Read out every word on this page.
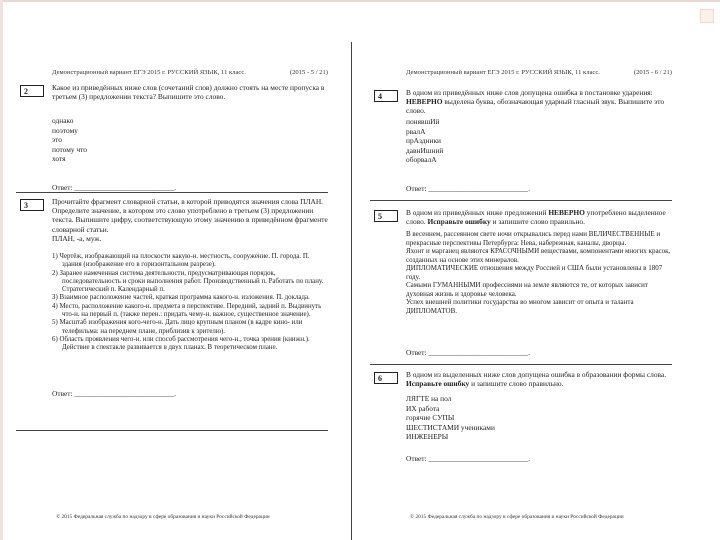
Демонстрационный вариант ЕГЭ 2015 г. РУССКИЙ ЯЗЫК, 11 класс.	(2015 - 5 / 21)
2	Какое из приведённых ниже слов (сочетаний слов) должно стоять на месте пропуска в третьем (3) предложении текста? Выпишите это слово.

однако
поэтому
это
потому что
хотя
Ответ: ___________________________.
3	Прочитайте фрагмент словарной статьи, в которой приводятся значения слова ПЛАН. Определите значение, в котором это слово употреблено в третьем (3) предложении текста. Выпишите цифру, соответствующую этому значению в приведённом фрагменте словарной статьи.

ПЛАН, -а, муж.

1) Чертёж, изображающий на плоскости какую-н. местность, сооружение. П. города. П. здания (изображение его в горизонтальном разрезе).
2) Заранее намеченная система деятельности, предусматривающая порядок, последовательность и сроки выполнения работ. Производственный п. Работать по плану. Стратегический п. Календарный п.
3) Взаимное расположение частей, краткая программа какого-н. изложения. П. доклада.
4) Место, расположение какого-н. предмета в перспективе. Передний, задний п. Выдвинуть что-н. на первый п. (также перен.: придать чему-н. важное, существенное значение).
5) Масштаб изображения кого-чего-н. Дать лицо крупным планом (в кадре кино- или телефильма: на переднем плане, приблизив к зрителю).
6) Область проявления чего-н. или способ рассмотрения чего-н., точка зрения (книжн.). Действие в спектакле развивается в двух планах. В теоретическом плане.
Ответ: ___________________________.
© 2015 Федеральная служба по надзору в сфере образования и науки Российской Федерации
Демонстрационный вариант ЕГЭ 2015 г. РУССКИЙ ЯЗЫК, 11 класс.	(2015 - 6 / 21)
4	В одном из приведённых ниже слов допущена ошибка в постановке ударения: НЕВЕРНО выделена буква, обозначающая ударный гласный звук. Выпишите это слово.

понявшИй
рвалА
прАздники
давнИшний
оборвалА
Ответ: ___________________________.
5	В одном из приведённых ниже предложений НЕВЕРНО употреблено выделенное слово. Исправьте ошибку и запишите слово правильно.

В весеннем, рассеянном свете ночи открывались перед нами ВЕЛИЧЕСТВЕННЫЕ и прекрасные перспективы Петербурга: Нева, набережная, каналы, дворцы.

Яхонт и марганец являются КРАСОЧНЫМИ веществами, компонентами многих красок, созданных на основе этих минералов.

ДИПЛОМАТИЧЕСКИЕ отношения между Россией и США были установлены в 1807 году.

Самыми ГУМАННЫМИ профессиями на земле являются те, от которых зависит духовная жизнь и здоровье человека.

Успех внешней политики государства во многом зависит от опыта и таланта ДИПЛОМАТОВ.

Ответ: ___________________________.
6	В одном из выделенных ниже слов допущена ошибка в образовании формы слова. Исправьте ошибку и запишите слово правильно.

ЛЯГТЕ на пол
ИХ работа
горячие СУПЫ
ШЕСТИСТАМИ учениками
ИНЖЕНЕРЫ
Ответ: ___________________________.
© 2015 Федеральная служба по надзору в сфере образования и науки Российской Федерации
